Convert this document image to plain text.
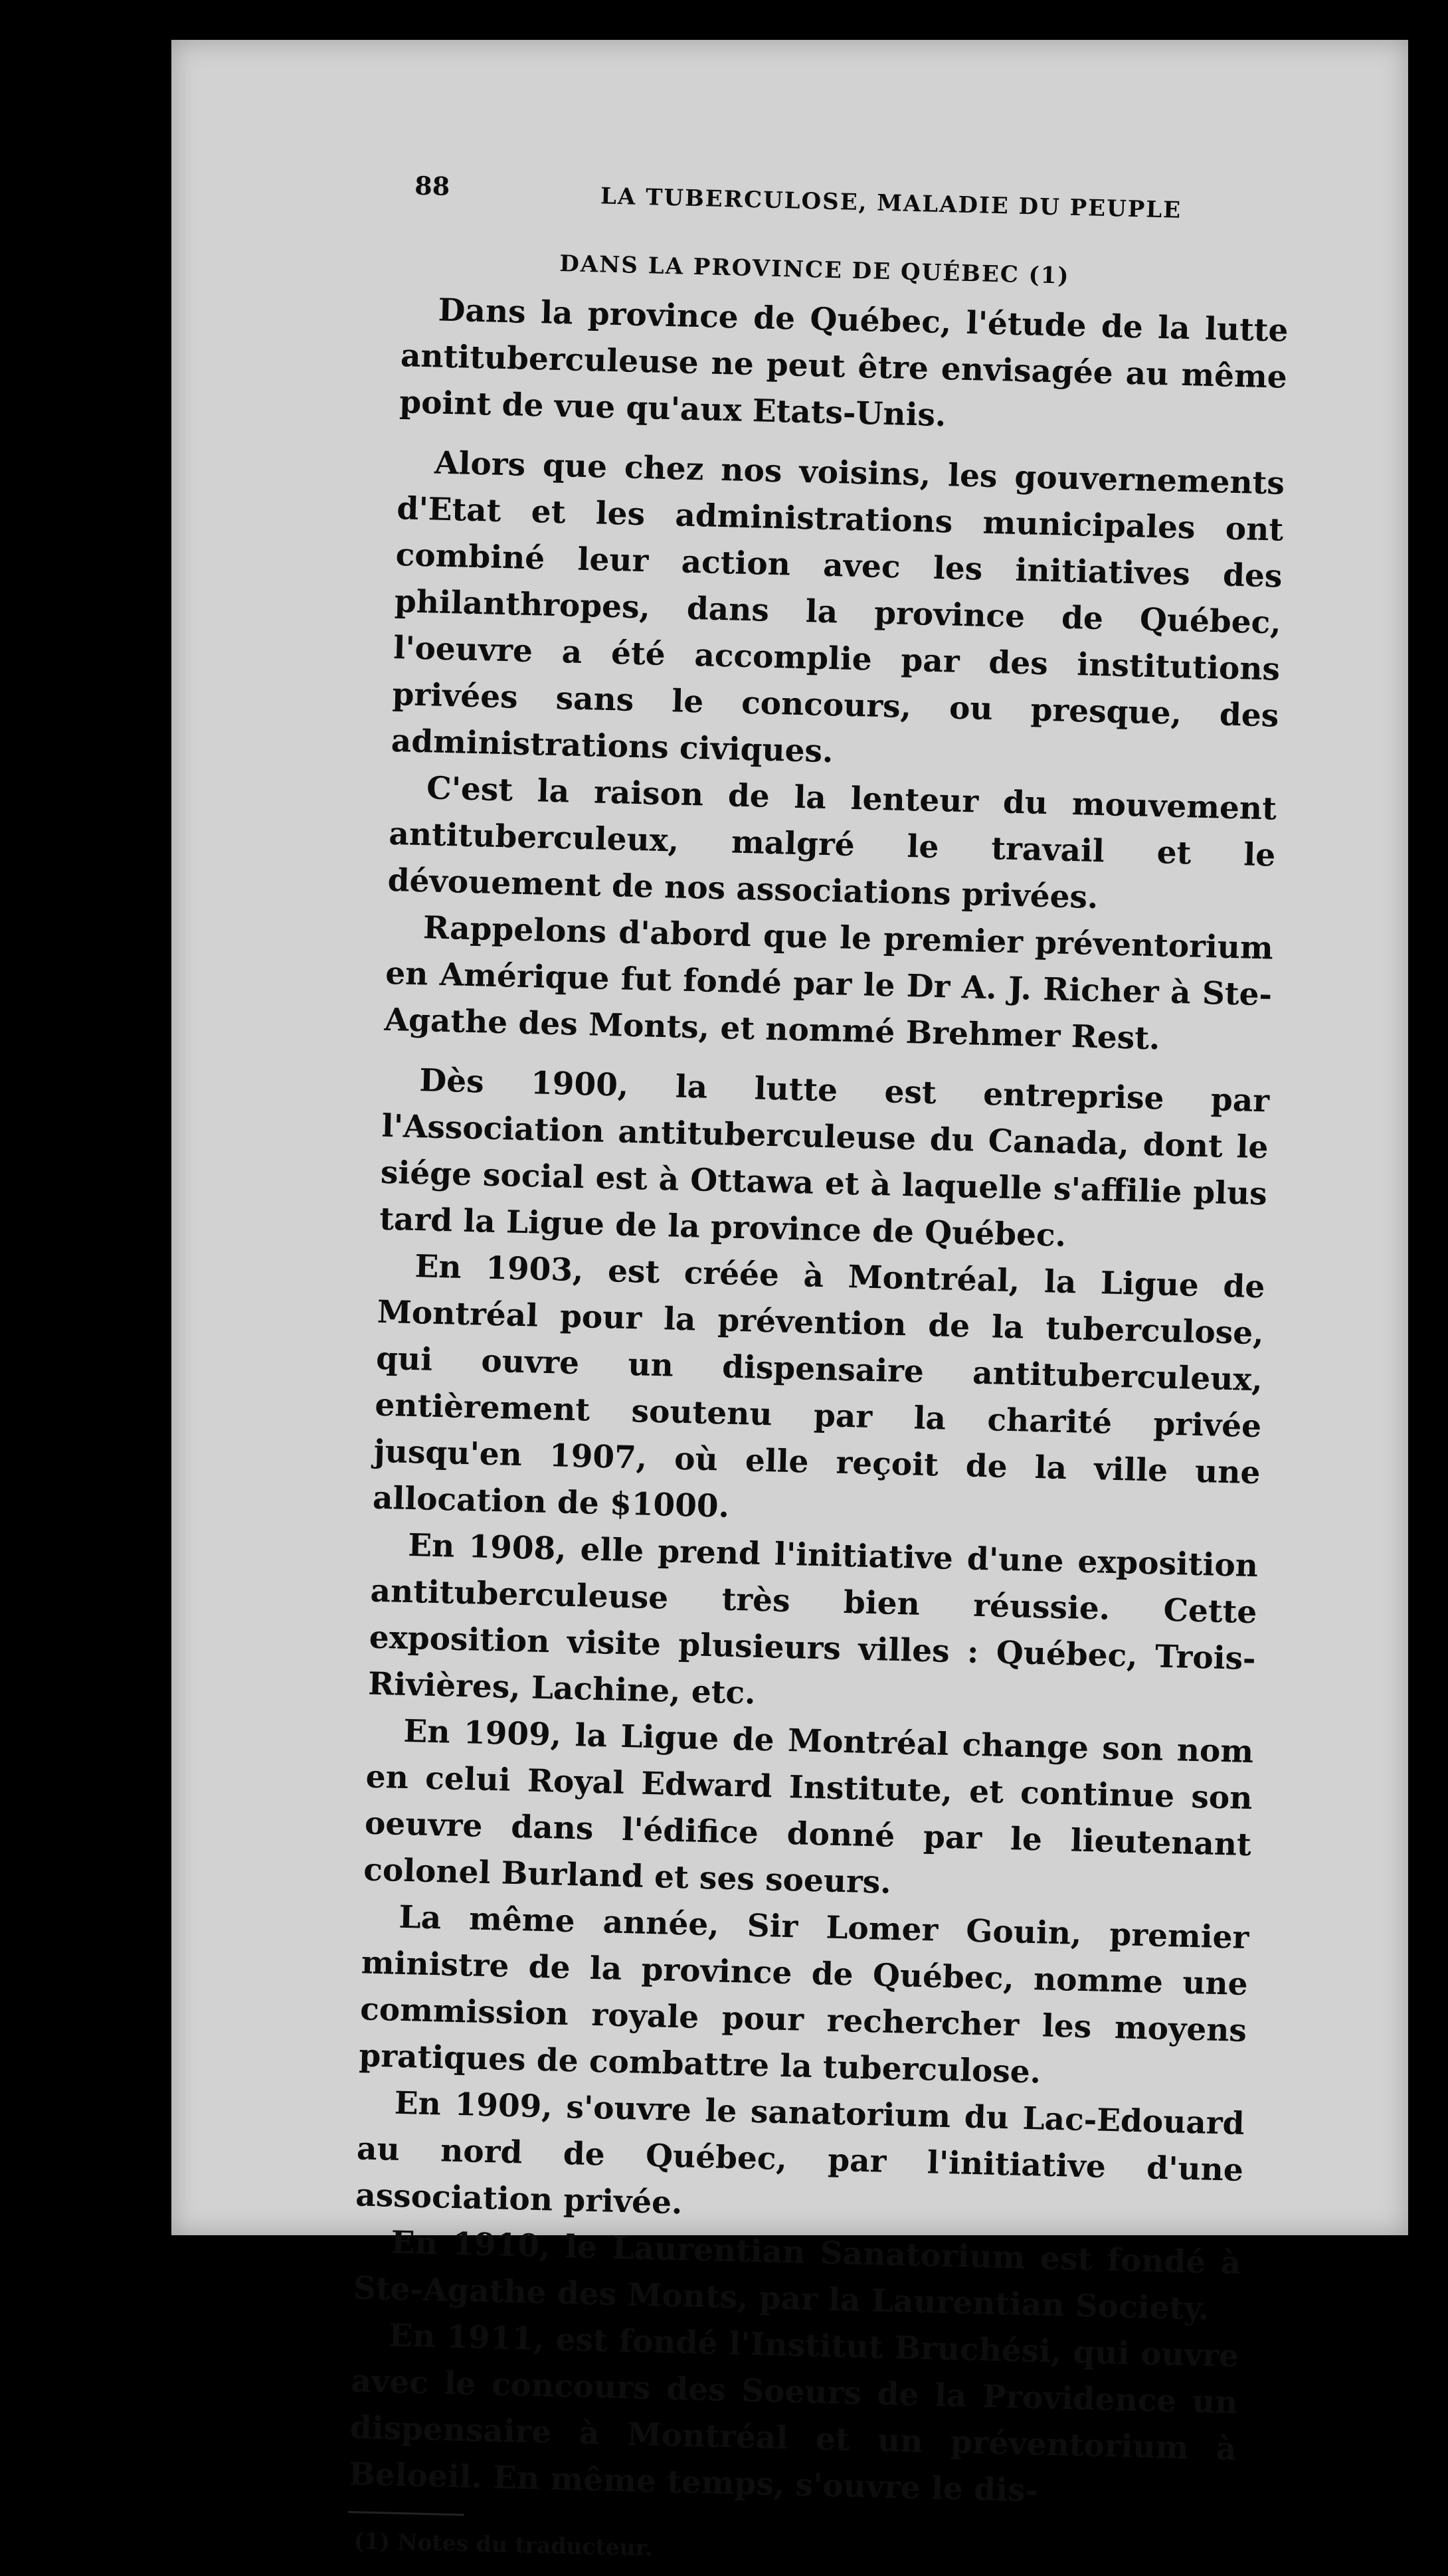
88	LA TUBERCULOSE, MALADIE DU PEUPLE
DANS LA PROVINCE DE QUÉBEC (1)

Dans la province de Québec, l'étude de la lutte antituberculeuse ne peut être envisagée au même point de vue qu'aux Etats-Unis.

Alors que chez nos voisins, les gouvernements d'Etat et les administrations municipales ont combiné leur action avec les initiatives des philanthropes, dans la province de Québec, l'oeuvre a été accomplie par des institutions privées sans le concours, ou presque, des administrations civiques.

C'est la raison de la lenteur du mouvement antituberculeux, malgré le travail et le dévouement de nos associations privées.

Rappelons d'abord que le premier préventorium en Amérique fut fondé par le Dr A. J. Richer à Ste-Agathe des Monts, et nommé Brehmer Rest.

Dès 1900, la lutte est entreprise par l'Association antituberculeuse du Canada, dont le siége social est à Ottawa et à laquelle s'affilie plus tard la Ligue de la province de Québec.

En 1903, est créée à Montréal, la Ligue de Montréal pour la prévention de la tuberculose, qui ouvre un dispensaire antituberculeux, entièrement soutenu par la charité privée jusqu'en 1907, où elle reçoit de la ville une allocation de $1000.

En 1908, elle prend l'initiative d'une exposition antituberculeuse très bien réussie. Cette exposition visite plusieurs villes : Québec, Trois-Rivières, Lachine, etc.

En 1909, la Ligue de Montréal change son nom en celui Royal Edward Institute, et continue son oeuvre dans l'édifice donné par le lieutenant colonel Burland et ses soeurs.

La même année, Sir Lomer Gouin, premier ministre de la province de Québec, nomme une commission royale pour rechercher les moyens pratiques de combattre la tuberculose.

En 1909, s'ouvre le sanatorium du Lac-Edouard au nord de Québec, par l'initiative d'une association privée.

En 1910, le Laurentian Sanatorium est fondé à Ste-Agathe des Monts, par la Laurentian Society.

En 1911, est fondé l'Institut Bruchési, qui ouvre avec le concours des Soeurs de la Providence un dispensaire à Montréal et un préventorium à Beloeil. En même temps, s'ouvre le dis-

(1) Notes du traducteur.
